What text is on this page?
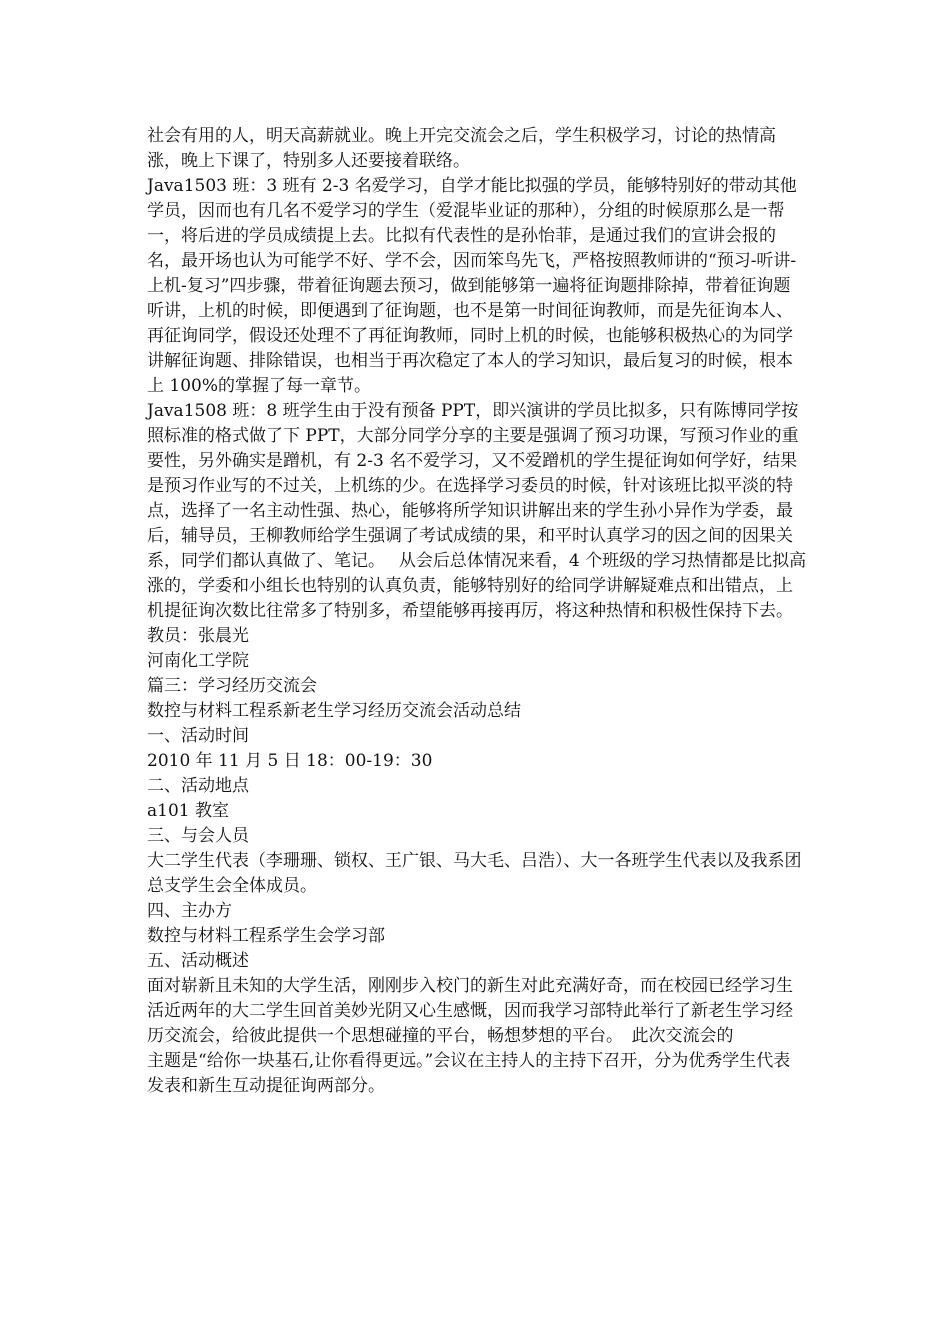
社会有用的人，明天高薪就业。晚上开完交流会之后，学生积极学习，讨论的热情高涨，晚上下课了，特别多人还要接着联络。

Java1503 班：3 班有 2-3 名爱学习，自学才能比拟强的学员，能够特别好的带动其他学员，因而也有几名不爱学习的学生（爱混毕业证的那种），分组的时候原那么是一帮一，将后进的学员成绩提上去。比拟有代表性的是孙怡菲，是通过我们的宣讲会报的名，最开场也认为可能学不好、学不会，因而笨鸟先飞，严格按照教师讲的“预习-听讲-上机-复习”四步骤，带着征询题去预习，做到能够第一遍将征询题排除掉，带着征询题听讲，上机的时候，即便遇到了征询题，也不是第一时间征询教师，而是先征询本人、再征询同学，假设还处理不了再征询教师，同时上机的时候，也能够积极热心的为同学讲解征询题、排除错误，也相当于再次稳定了本人的学习知识，最后复习的时候，根本上 100%的掌握了每一章节。

Java1508 班：8 班学生由于没有预备 PPT，即兴演讲的学员比拟多，只有陈博同学按照标准的格式做了下 PPT，大部分同学分享的主要是强调了预习功课，写预习作业的重要性，另外确实是蹭机，有 2-3 名不爱学习，又不爱蹭机的学生提征询如何学好，结果是预习作业写的不过关，上机练的少。在选择学习委员的时候，针对该班比拟平淡的特点，选择了一名主动性强、热心，能够将所学知识讲解出来的学生孙小异作为学委，最后，辅导员，王柳教师给学生强调了考试成绩的果，和平时认真学习的因之间的因果关系，同学们都认真做了、笔记。　 从会后总体情况来看，4 个班级的学习热情都是比拟高涨的，学委和小组长也特别的认真负责，能够特别好的给同学讲解疑难点和出错点，上机提征询次数比往常多了特别多，希望能够再接再厉，将这种热情和积极性保持下去。

教员：张晨光

河南化工学院

篇三：学习经历交流会

数控与材料工程系新老生学习经历交流会活动总结

一、活动时间

2010 年 11 月 5 日 18：00-19：30

二、活动地点

a101 教室

三、与会人员

大二学生代表（李珊珊、锁权、王广银、马大毛、吕浩）、大一各班学生代表以及我系团总支学生会全体成员。

四、主办方

数控与材料工程系学生会学习部

五、活动概述

面对崭新且未知的大学生活，刚刚步入校门的新生对此充满好奇，而在校园已经学习生活近两年的大二学生回首美妙光阴又心生感慨，因而我学习部特此举行了新老生学习经历交流会，给彼此提供一个思想碰撞的平台，畅想梦想的平台。　此次交流会的

主题是“给你一块基石,让你看得更远。”会议在主持人的主持下召开，分为优秀学生代表发表和新生互动提征询两部分。
